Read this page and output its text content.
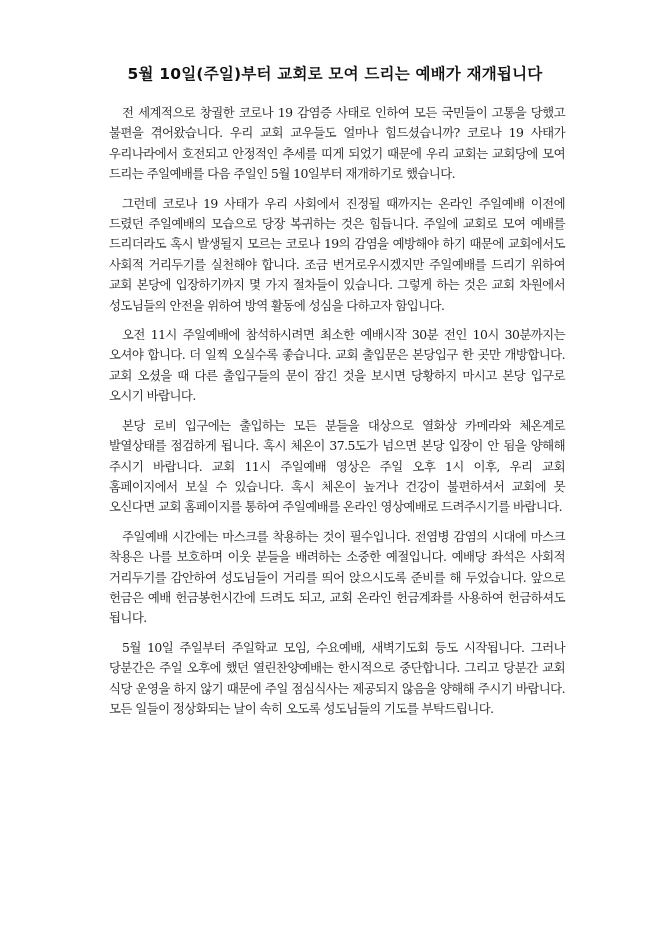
5월 10일(주일)부터 교회로 모여 드리는 예배가 재개됩니다

전 세계적으로 창궐한 코로나 19 감염증 사태로 인하여 모든 국민들이 고통을 당했고 불편을 겪어왔습니다. 우리 교회 교우들도 얼마나 힘드셨습니까? 코로나 19 사태가 우리나라에서 호전되고 안정적인 추세를 띠게 되었기 때문에 우리 교회는 교회당에 모여 드리는 주일예배를 다음 주일인 5월 10일부터 재개하기로 했습니다.

그런데 코로나 19 사태가 우리 사회에서 진정될 때까지는 온라인 주일예배 이전에 드렸던 주일예배의 모습으로 당장 복귀하는 것은 힘듭니다. 주일에 교회로 모여 예배를 드리더라도 혹시 발생될지 모르는 코로나 19의 감염을 예방해야 하기 때문에 교회에서도 사회적 거리두기를 실천해야 합니다. 조금 번거로우시겠지만 주일예배를 드리기 위하여 교회 본당에 입장하기까지 몇 가지 절차들이 있습니다. 그렇게 하는 것은 교회 차원에서 성도님들의 안전을 위하여 방역 활동에 성심을 다하고자 함입니다.

오전 11시 주일예배에 참석하시려면 최소한 예배시작 30분 전인 10시 30분까지는 오셔야 합니다. 더 일찍 오실수록 좋습니다. 교회 출입문은 본당입구 한 곳만 개방합니다. 교회 오셨을 때 다른 출입구들의 문이 잠긴 것을 보시면 당황하지 마시고 본당 입구로 오시기 바랍니다.

본당 로비 입구에는 출입하는 모든 분들을 대상으로 열화상 카메라와 체온계로 발열상태를 점검하게 됩니다. 혹시 체온이 37.5도가 넘으면 본당 입장이 안 됨을 양해해 주시기 바랍니다. 교회 11시 주일예배 영상은 주일 오후 1시 이후, 우리 교회 홈페이지에서 보실 수 있습니다. 혹시 체온이 높거나 건강이 불편하셔서 교회에 못 오신다면 교회 홈페이지를 통하여 주일예배를 온라인 영상예배로 드려주시기를 바랍니다.

주일예배 시간에는 마스크를 착용하는 것이 필수입니다. 전염병 감염의 시대에 마스크 착용은 나를 보호하며 이웃 분들을 배려하는 소중한 예절입니다. 예배당 좌석은 사회적 거리두기를 감안하여 성도님들이 거리를 띄어 앉으시도록 준비를 해 두었습니다. 앞으로 헌금은 예배 헌금봉헌시간에 드려도 되고, 교회 온라인 헌금계좌를 사용하여 헌금하셔도 됩니다.

5월 10일 주일부터 주일학교 모임, 수요예배, 새벽기도회 등도 시작됩니다. 그러나 당분간은 주일 오후에 했던 열린찬양예배는 한시적으로 중단합니다. 그리고 당분간 교회 식당 운영을 하지 않기 때문에 주일 점심식사는 제공되지 않음을 양해해 주시기 바랍니다. 모든 일들이 정상화되는 날이 속히 오도록 성도님들의 기도를 부탁드립니다.
